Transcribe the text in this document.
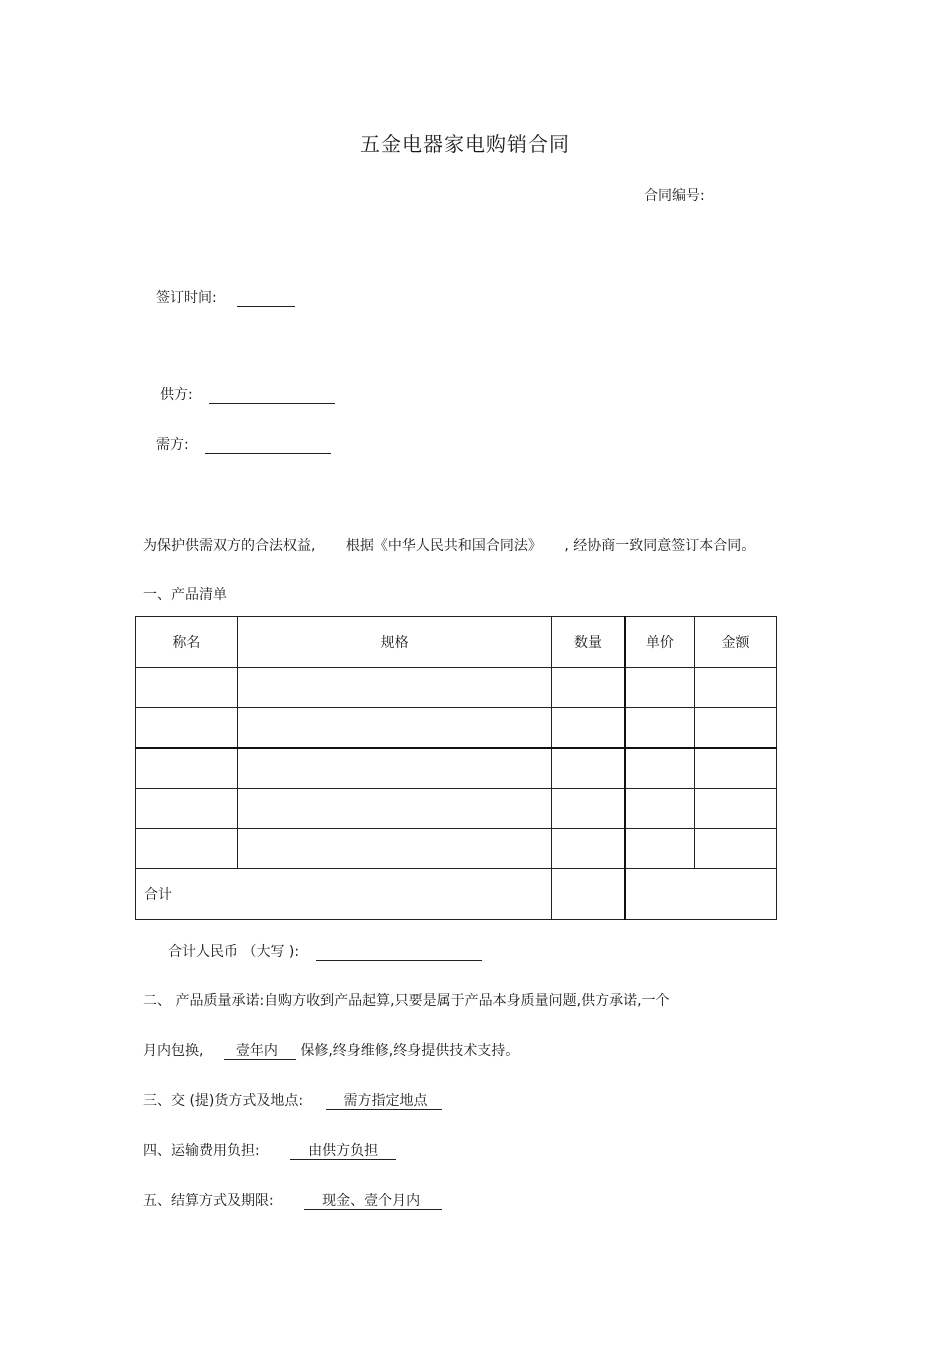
五金电器家电购销合同
合同编号:
签订时间:
供方:
需方:
为保护供需双方的合法权益, 根据《中华人民共和国合同法》 , 经协商一致同意签订本合同。
一、产品清单
称名	规格	数量	单价	金额

合计				
合计人民币 （大写 ):
二、 产品质量承诺:自购方收到产品起算,只要是属于产品本身质量问题,供方承诺,一个
月内包换, 壹年内 保修,终身维修,终身提供技术支持。
三、交 (提)货方式及地点:	需方指定地点
四、运输费用负担:	由供方负担
五、结算方式及期限:	现金、壹个月内
